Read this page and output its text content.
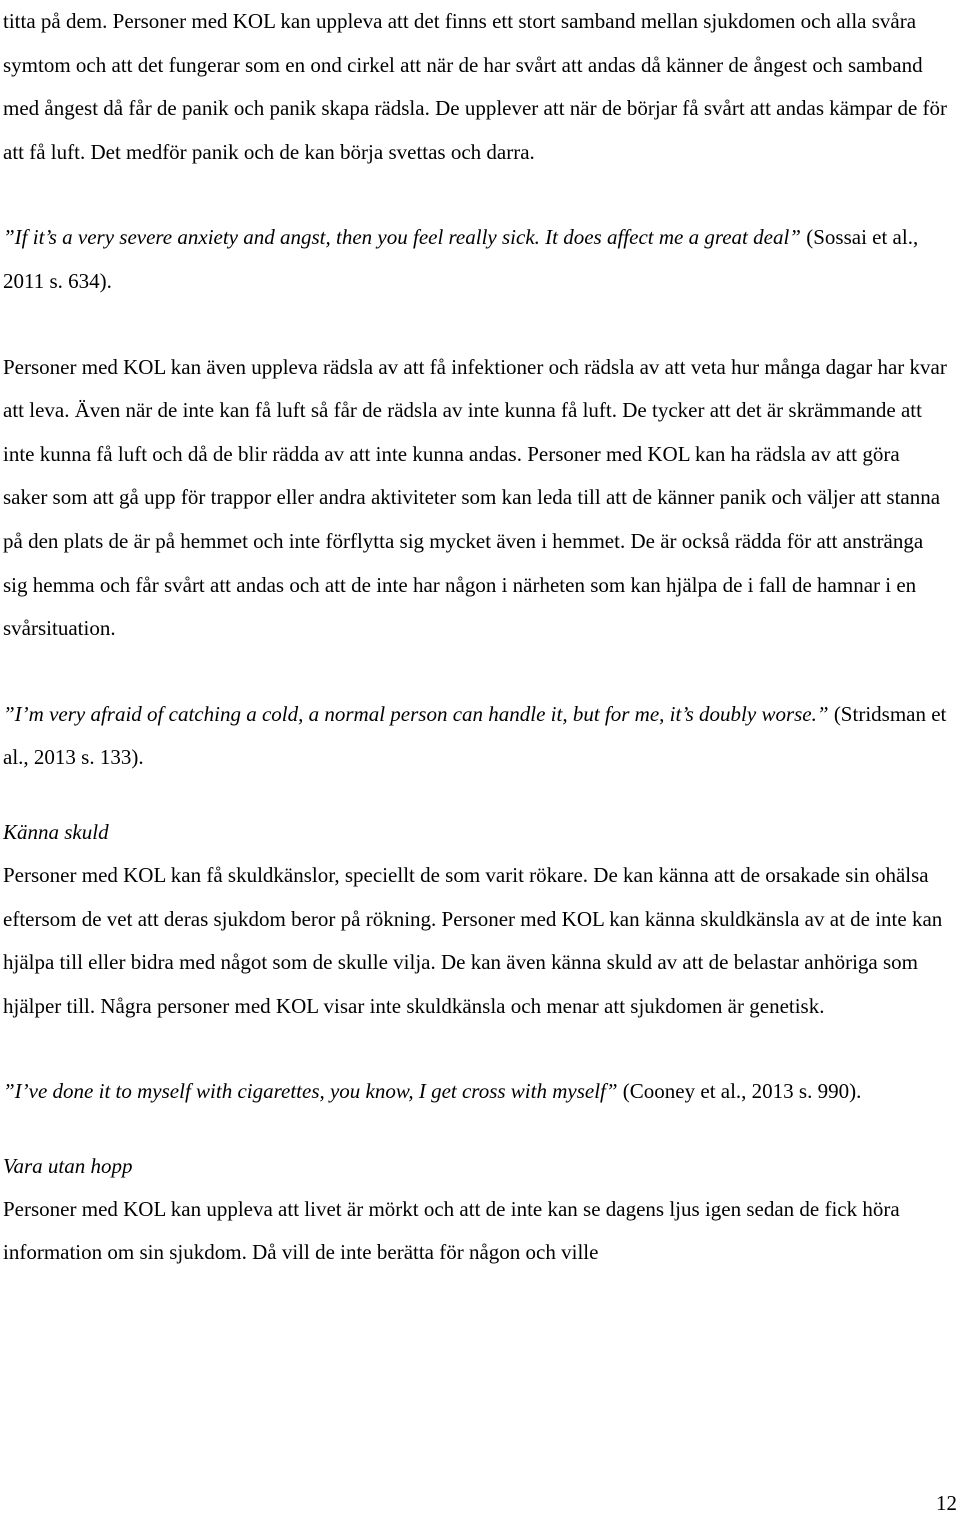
titta på dem. Personer med KOL kan uppleva att det finns ett stort samband mellan sjukdomen och alla svåra symtom och att det fungerar som en ond cirkel att när de har svårt att andas då känner de ångest och samband med ångest då får de panik och panik skapa rädsla. De upplever att när de börjar få svårt att andas kämpar de för att få luft. Det medför panik och de kan börja svettas och darra.

”If it’s a very severe anxiety and angst, then you feel really sick. It does affect me a great deal” (Sossai et al., 2011 s. 634).

Personer med KOL kan även uppleva rädsla av att få infektioner och rädsla av att veta hur många dagar har kvar att leva. Även när de inte kan få luft så får de rädsla av inte kunna få luft. De tycker att det är skrämmande att inte kunna få luft och då de blir rädda av att inte kunna andas. Personer med KOL kan ha rädsla av att göra saker som att gå upp för trappor eller andra aktiviteter som kan leda till att de känner panik och väljer att stanna på den plats de är på hemmet och inte förflytta sig mycket även i hemmet. De är också rädda för att anstränga sig hemma och får svårt att andas och att de inte har någon i närheten som kan hjälpa de i fall de hamnar i en svårsituation.

”I’m very afraid of catching a cold, a normal person can handle it, but for me, it’s doubly worse.” (Stridsman et al., 2013 s. 133).

Känna skuld

Personer med KOL kan få skuldkänslor, speciellt de som varit rökare. De kan känna att de orsakade sin ohälsa eftersom de vet att deras sjukdom beror på rökning. Personer med KOL kan känna skuldkänsla av at de inte kan hjälpa till eller bidra med något som de skulle vilja. De kan även känna skuld av att de belastar anhöriga som hjälper till. Några personer med KOL visar inte skuldkänsla och menar att sjukdomen är genetisk.

”I’ve done it to myself with cigarettes, you know, I get cross with myself” (Cooney et al., 2013 s. 990).

Vara utan hopp

Personer med KOL kan uppleva att livet är mörkt och att de inte kan se dagens ljus igen sedan de fick höra information om sin sjukdom. Då vill de inte berätta för någon och ville

12
